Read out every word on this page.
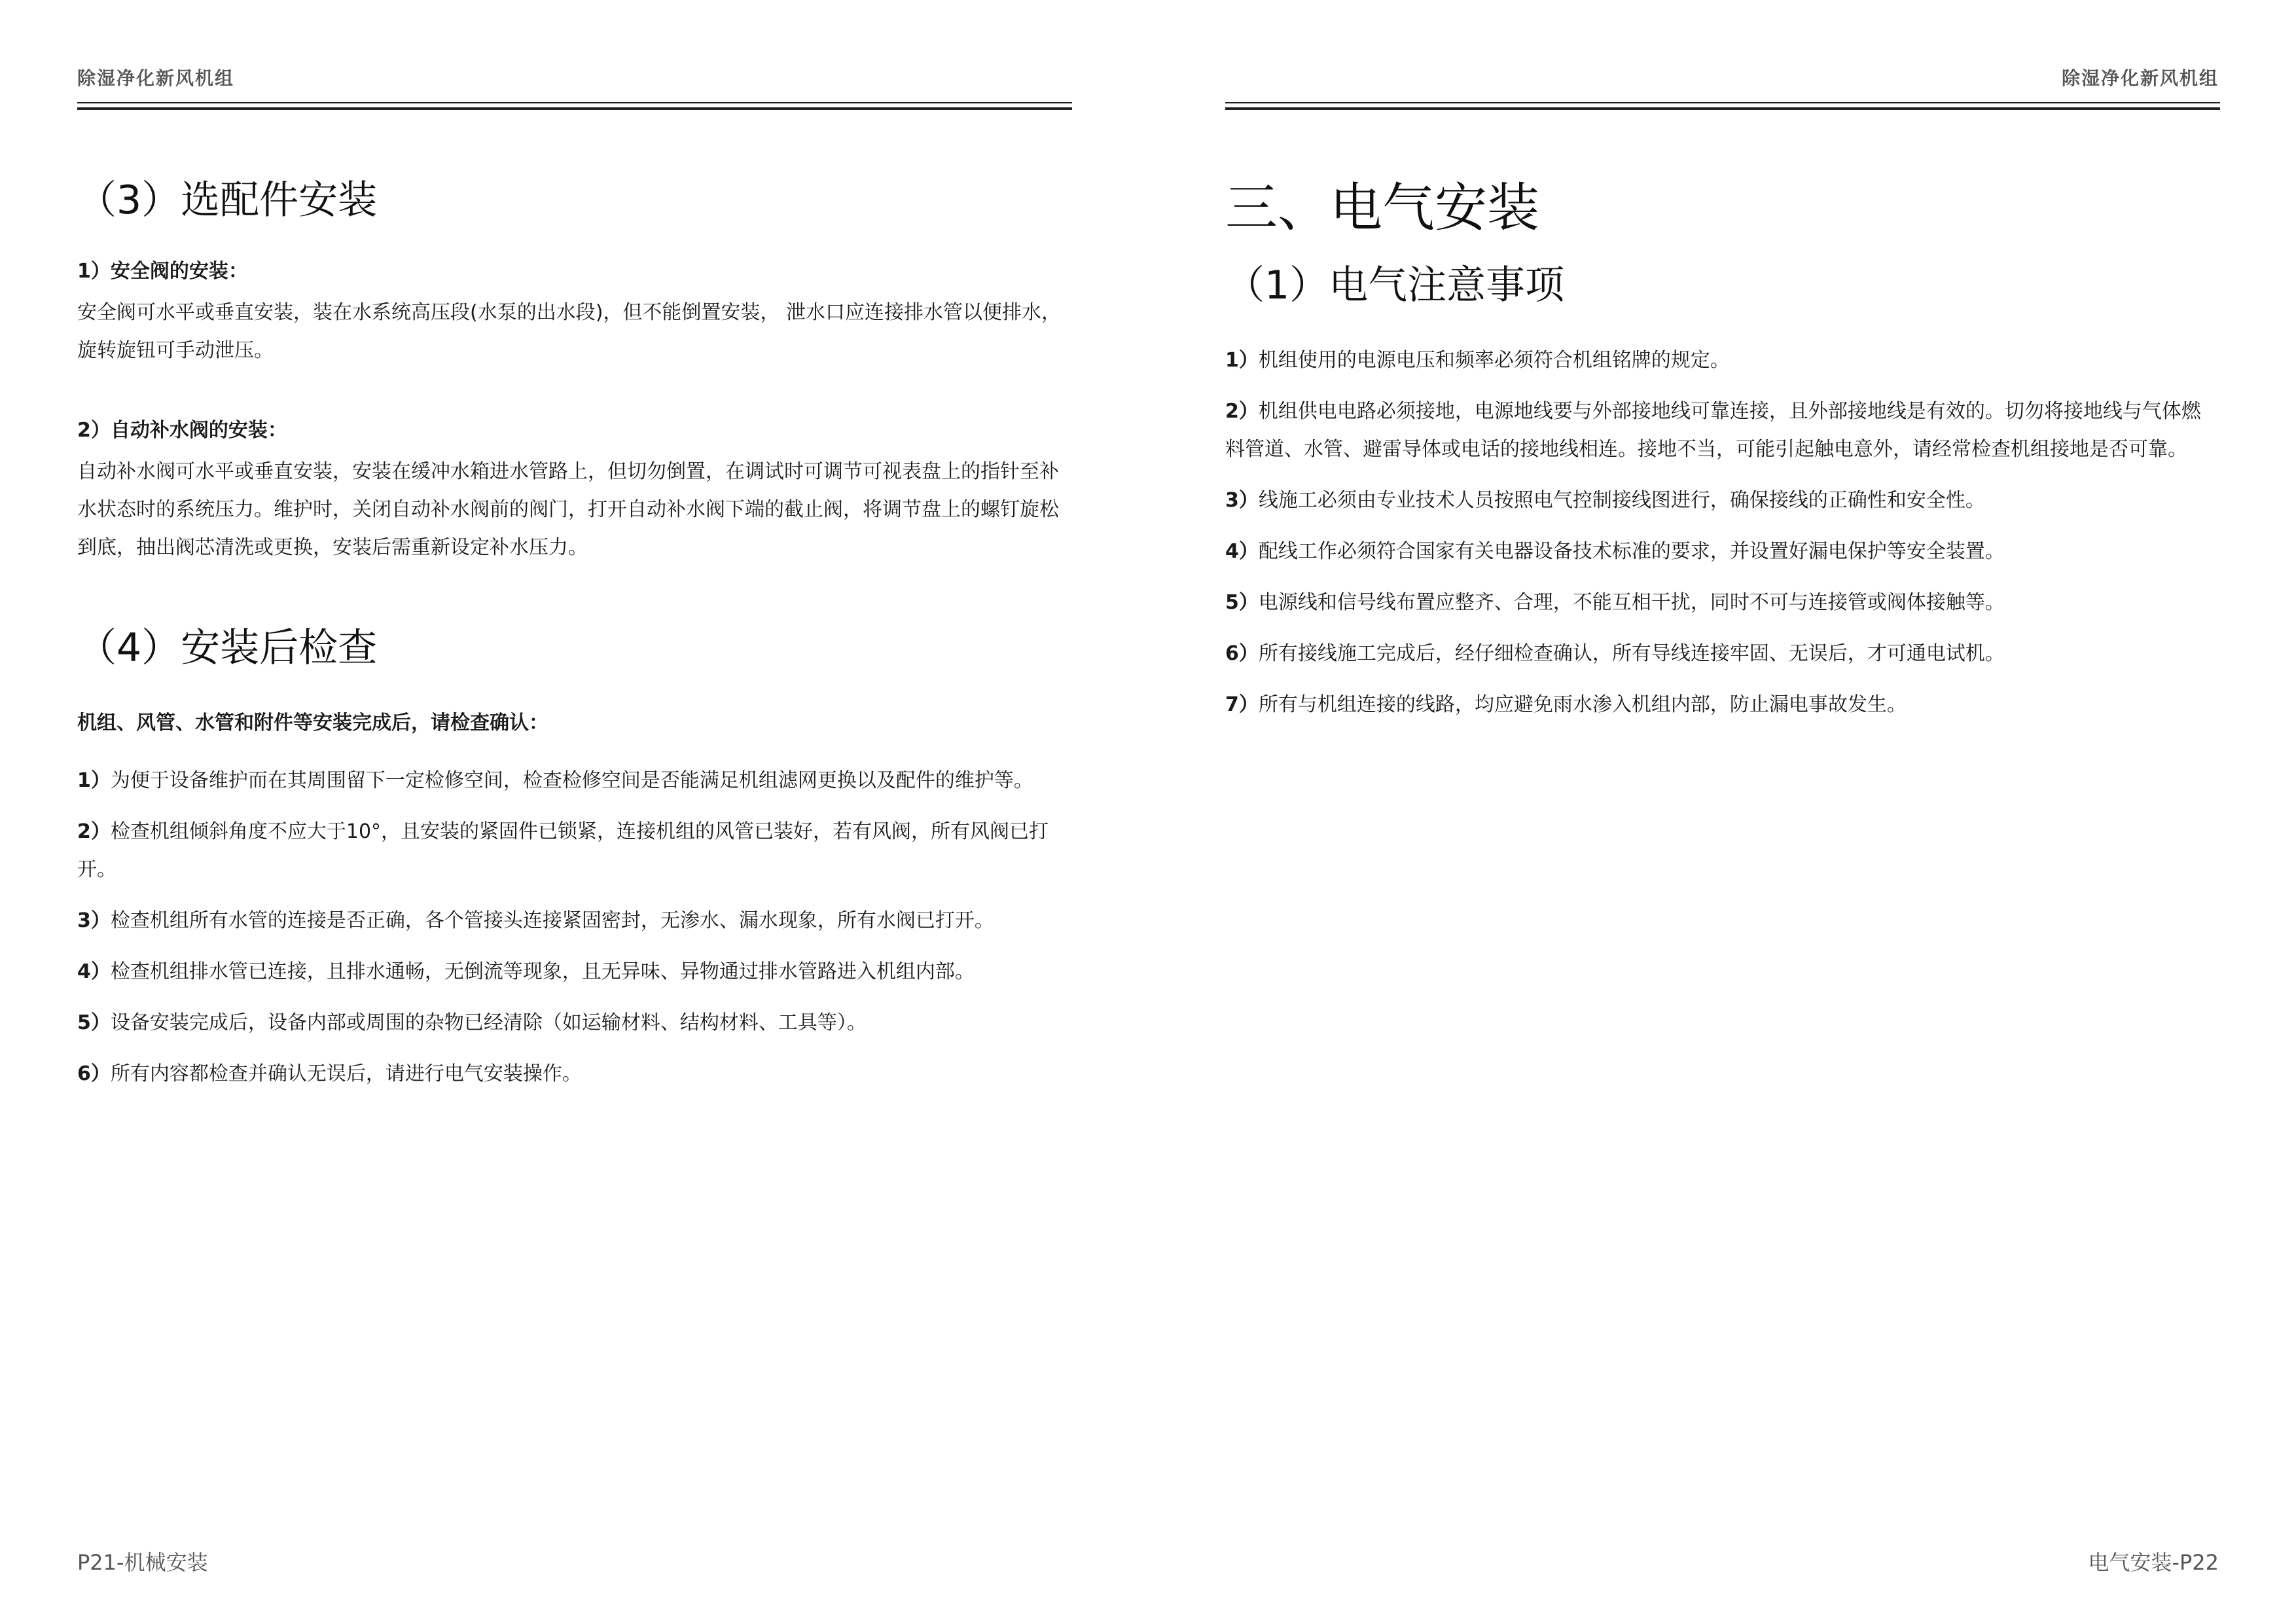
除湿净化新风机组
（3）选配件安装

1）安全阀的安装：

安全阀可水平或垂直安装，装在水系统高压段(水泵的出水段)，但不能倒置安装， 泄水口应连接排水管以便排水，旋转旋钮可手动泄压。

2）自动补水阀的安装：

自动补水阀可水平或垂直安装，安装在缓冲水箱进水管路上，但切勿倒置，在调试时可调节可视表盘上的指针至补水状态时的系统压力。维护时，关闭自动补水阀前的阀门，打开自动补水阀下端的截止阀，将调节盘上的螺钉旋松到底，抽出阀芯清洗或更换，安装后需重新设定补水压力。

（4）安装后检查

机组、风管、水管和附件等安装完成后，请检查确认：

1）为便于设备维护而在其周围留下一定检修空间，检查检修空间是否能满足机组滤网更换以及配件的维护等。

2）检查机组倾斜角度不应大于10°，且安装的紧固件已锁紧，连接机组的风管已装好，若有风阀，所有风阀已打开。

3）检查机组所有水管的连接是否正确，各个管接头连接紧固密封，无渗水、漏水现象，所有水阀已打开。

4）检查机组排水管已连接，且排水通畅，无倒流等现象，且无异味、异物通过排水管路进入机组内部。

5）设备安装完成后，设备内部或周围的杂物已经清除（如运输材料、结构材料、工具等）。

6）所有内容都检查并确认无误后，请进行电气安装操作。

P21-机械安装
除湿净化新风机组
三、电气安装
（1）电气注意事项

1）机组使用的电源电压和频率必须符合机组铭牌的规定。

2）机组供电电路必须接地，电源地线要与外部接地线可靠连接，且外部接地线是有效的。切勿将接地线与气体燃料管道、水管、避雷导体或电话的接地线相连。接地不当，可能引起触电意外，请经常检查机组接地是否可靠。

3）线施工必须由专业技术人员按照电气控制接线图进行，确保接线的正确性和安全性。

4）配线工作必须符合国家有关电器设备技术标准的要求，并设置好漏电保护等安全装置。

5）电源线和信号线布置应整齐、合理，不能互相干扰，同时不可与连接管或阀体接触等。

6）所有接线施工完成后，经仔细检查确认，所有导线连接牢固、无误后，才可通电试机。

7）所有与机组连接的线路，均应避免雨水渗入机组内部，防止漏电事故发生。

电气安装-P22
